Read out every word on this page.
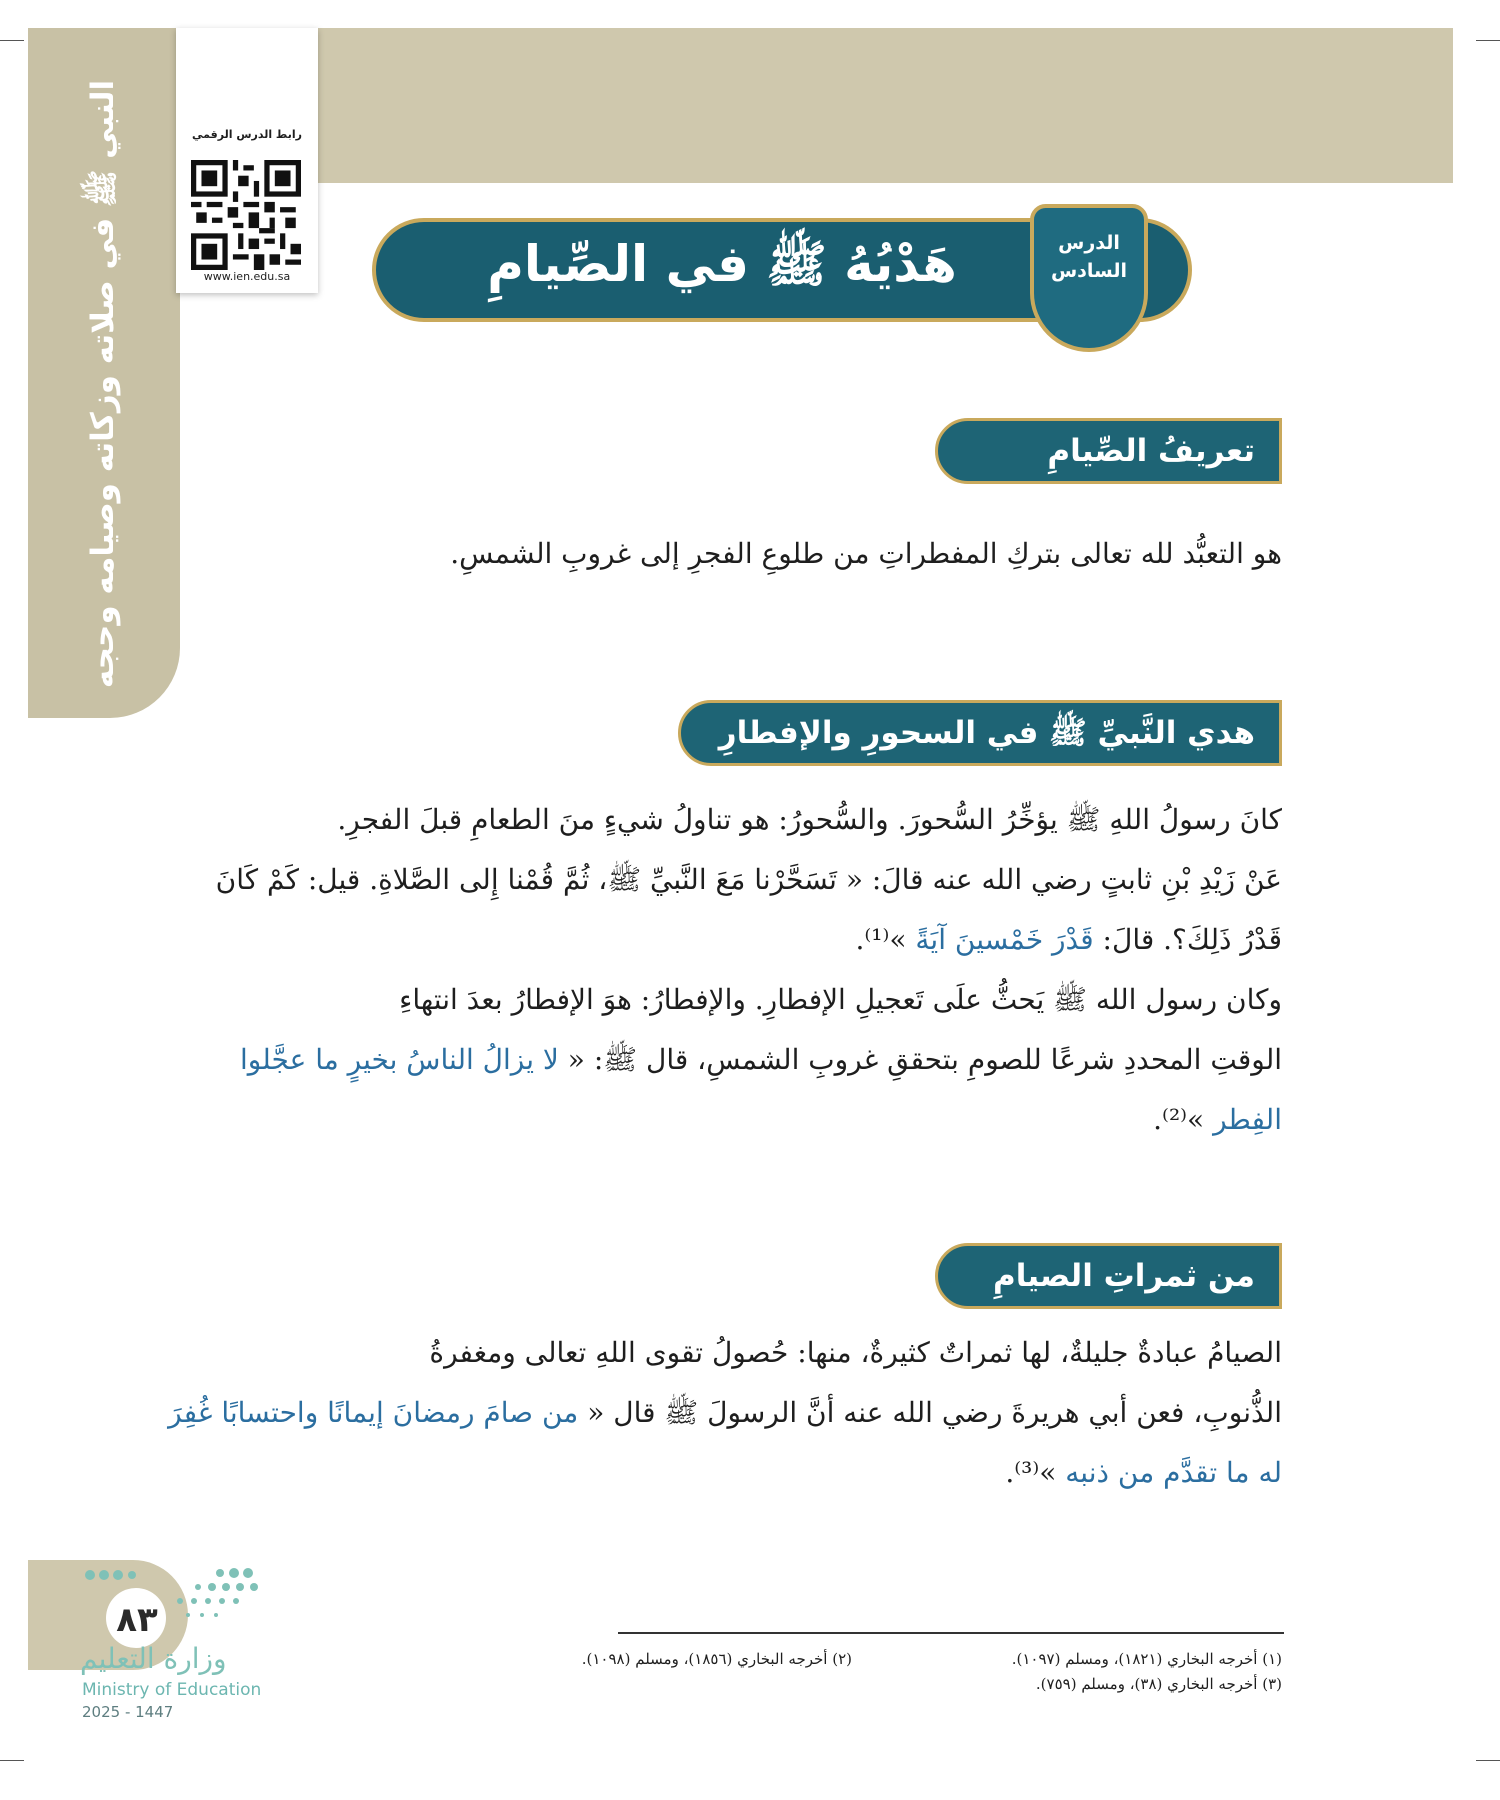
النبي ﷺ في صلاته وزكاته وصيامه وحجه	رابط الدرس الرقمي
www.ien.edu.sa	هَدْيُهُ ﷺ في الصِّيامِ	الدرس
السادس
تعريفُ الصِّيامِ
هو التعبُّد لله تعالى بتركِ المفطراتِ من طلوعِ الفجرِ إلى غروبِ الشمسِ.
هدي النَّبيِّ ﷺ في السحورِ والإفطارِ
كانَ رسولُ اللهِ ﷺ يؤخِّرُ السُّحورَ. والسُّحورُ: هو تناولُ شيءٍ منَ الطعامِ قبلَ الفجرِ.
عَنْ زَيْدِ بْنِ ثابتٍ رضي الله عنه قالَ: « تَسَحَّرْنا مَعَ النَّبيِّ ﷺ، ثُمَّ قُمْنا إِلى الصَّلاةِ. قيل: كَمْ كَانَ
قَدْرُ ذَلِكَ؟. قالَ: قَدْرَ خَمْسينَ آيَةً »⁽¹⁾.
وكان رسول الله ﷺ يَحثُّ علَى تَعجيلِ الإفطارِ. والإفطارُ: هوَ الإفطارُ بعدَ انتهاءِ
الوقتِ المحددِ شرعًا للصومِ بتحققِ غروبِ الشمسِ، قال ﷺ: « لا يزالُ الناسُ بخيرٍ ما عجَّلوا
الفِطر »⁽²⁾.
من ثمراتِ الصيامِ
الصيامُ عبادةٌ جليلةٌ، لها ثمراتٌ كثيرةٌ، منها: حُصولُ تقوى اللهِ تعالى ومغفرةُ
الذُّنوبِ، فعن أبي هريرةَ رضي الله عنه أنَّ الرسولَ ﷺ قال « من صامَ رمضانَ إيمانًا واحتسابًا غُفِرَ
له ما تقدَّم من ذنبه »⁽³⁾.
٨٣
وزارة التعليم
Ministry of Education
2025 - 1447
(١) أخرجه البخاري (١٨٢١)، ومسلم (١٠٩٧).
(٢) أخرجه البخاري (١٨٥٦)، ومسلم (١٠٩٨).
(٣) أخرجه البخاري (٣٨)، ومسلم (٧٥٩).
